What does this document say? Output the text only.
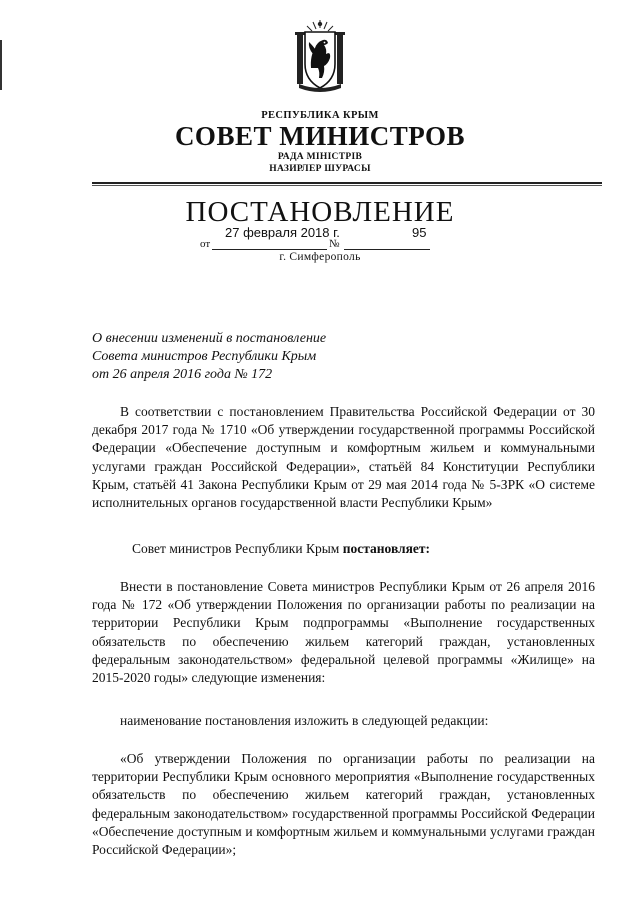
РЕСПУБЛИКА КРЫМ
СОВЕТ МИНИСТРОВ
РАДА МІНІСТРІВ
НАЗИРЛЕР ШУРАСЫ
ПОСТАНОВЛЕНИЕ
27 февраля 2018 г.	95
от	№
г. Симферополь
О внесении изменений в постановление
Совета министров Республики Крым
от 26 апреля 2016 года № 172
В соответствии с постановлением Правительства Российской Федерации от 30 декабря 2017 года № 1710 «Об утверждении государственной программы Российской Федерации «Обеспечение доступным и комфортным жильем и коммунальными услугами граждан Российской Федерации», статьёй 84 Конституции Республики Крым, статьёй 41 Закона Республики Крым от 29 мая 2014 года № 5-ЗРК «О системе исполнительных органов государственной власти Республики Крым»
Совет министров Республики Крым постановляет:
Внести в постановление Совета министров Республики Крым от 26 апреля 2016 года № 172 «Об утверждении Положения по организации работы по реализации на территории Республики Крым подпрограммы «Выполнение государственных обязательств по обеспечению жильем категорий граждан, установленных федеральным законодательством» федеральной целевой программы «Жилище» на 2015-2020 годы» следующие изменения:
наименование постановления изложить в следующей редакции:
«Об утверждении Положения по организации работы по реализации на территории Республики Крым основного мероприятия «Выполнение государственных обязательств по обеспечению жильем категорий граждан, установленных федеральным законодательством» государственной программы Российской Федерации «Обеспечение доступным и комфортным жильем и коммунальными услугами граждан Российской Федерации»;
